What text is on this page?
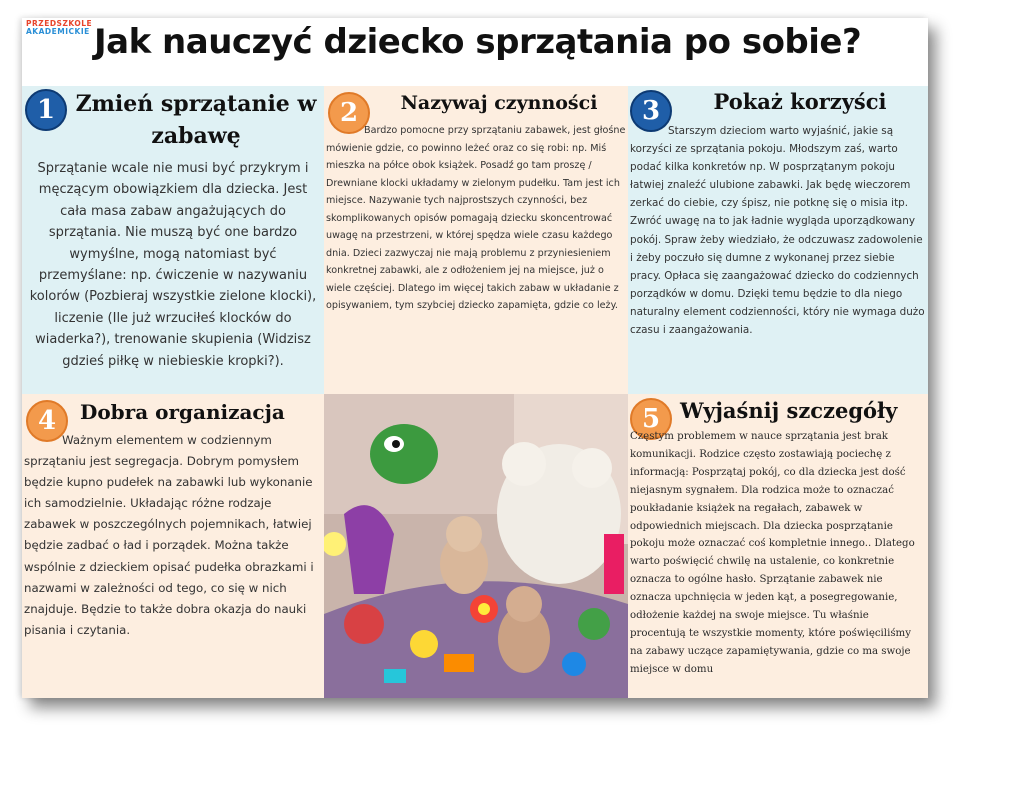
PRZEDSZKOLE
AKADEMICKIE Jak nauczyć dziecko sprzątania po sobie?
1 Zmień sprzątanie w zabawę
Sprzątanie wcale nie musi być przykrym i męczącym obowiązkiem dla dziecka. Jest cała masa zabaw angażujących do sprzątania. Nie muszą być one bardzo wymyślne, mogą natomiast być przemyślane: np. ćwiczenie w nazywaniu kolorów (Pozbieraj wszystkie zielone klocki), liczenie (Ile już wrzuciłeś klocków do wiaderka?), trenowanie skupienia (Widzisz gdzieś piłkę w niebieskie kropki?).
2	Nazywaj czynności
Bardzo pomocne przy sprzątaniu zabawek, jest głośne mówienie gdzie, co powinno leżeć oraz co się robi: np. Miś mieszka na półce obok książek. Posadź go tam proszę / Drewniane klocki układamy w zielonym pudełku. Tam jest ich miejsce. Nazywanie tych najprostszych czynności, bez skomplikowanych opisów pomagają dziecku skoncentrować uwagę na przestrzeni, w której spędza wiele czasu każdego dnia. Dzieci zazwyczaj nie mają problemu z przyniesieniem konkretnej zabawki, ale z odłożeniem jej na miejsce, już o wiele częściej. Dlatego im więcej takich zabaw w układanie z opisywaniem, tym szybciej dziecko zapamięta, gdzie co leży.
3	Pokaż korzyści
Starszym dzieciom warto wyjaśnić, jakie są korzyści ze sprzątania pokoju. Młodszym zaś, warto podać kilka konkretów np. W posprzątanym pokoju łatwiej znaleźć ulubione zabawki. Jak będę wieczorem zerkać do ciebie, czy śpisz, nie potknę się o misia itp. Zwróć uwagę na to jak ładnie wygląda uporządkowany pokój. Spraw żeby wiedziało, że odczuwasz zadowolenie i żeby poczuło się dumne z wykonanej przez siebie pracy. Opłaca się zaangażować dziecko do codziennych porządków w domu. Dzięki temu będzie to dla niego naturalny element codzienności, który nie wymaga dużo czasu i zaangażowania.
4	Dobra organizacja
Ważnym elementem w codziennym sprzątaniu jest segregacja. Dobrym pomysłem będzie kupno pudełek na zabawki lub wykonanie ich samodzielnie. Układając różne rodzaje zabawek w poszczególnych pojemnikach, łatwiej będzie zadbać o ład i porządek. Można także wspólnie z dzieckiem opisać pudełka obrazkami i nazwami w zależności od tego, co się w nich znajduje. Będzie to także dobra okazja do nauki pisania i czytania.
5 Wyjaśnij szczegóły
Częstym problemem w nauce sprzątania jest brak komunikacji. Rodzice często zostawiają pociechę z informacją: Posprzątaj pokój, co dla dziecka jest dość niejasnym sygnałem. Dla rodzica może to oznaczać poukładanie książek na regałach, zabawek w odpowiednich miejscach. Dla dziecka posprzątanie pokoju może oznaczać coś kompletnie innego.. Dlatego warto poświęcić chwilę na ustalenie, co konkretnie oznacza to ogólne hasło. Sprzątanie zabawek nie oznacza upchnięcia w jeden kąt, a posegregowanie, odłożenie każdej na swoje miejsce. Tu właśnie procentują te wszystkie momenty, które poświęciliśmy na zabawy uczące zapamiętywania, gdzie co ma swoje miejsce w domu
